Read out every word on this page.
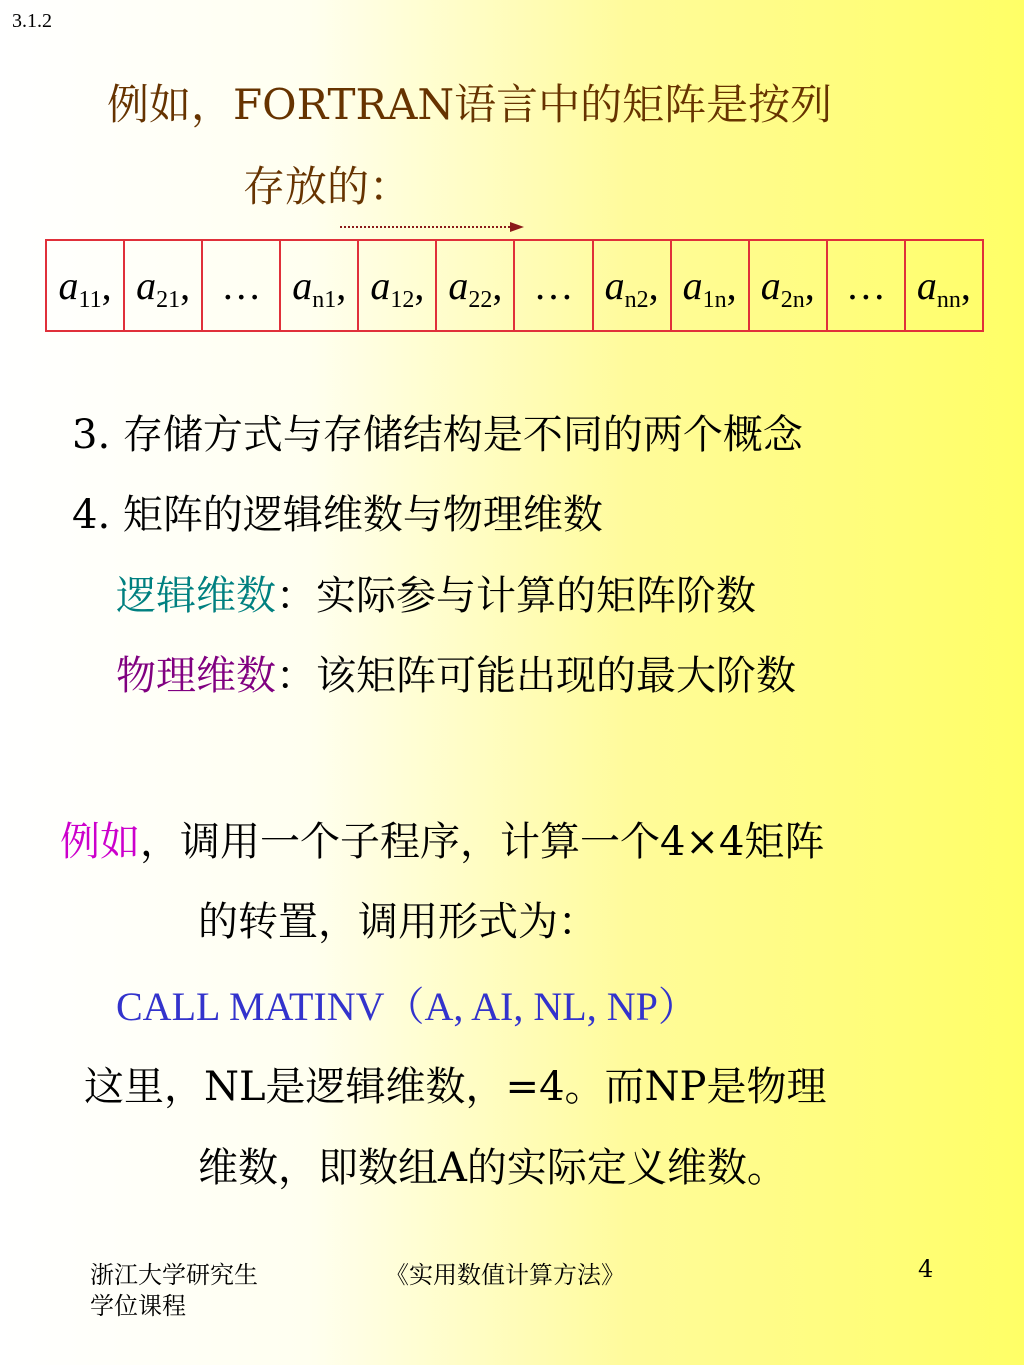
3.1.2
例如，FORTRAN语言中的矩阵是按列
存放的：
$a_{11}$,	$a_{21}$,	…	$a_{n1}$,	$a_{12}$,	$a_{22}$,	…	$a_{n2}$,	$a_{1n}$,	$a_{2n}$,	…	$a_{nn}$,
3. 存储方式与存储结构是不同的两个概念
4. 矩阵的逻辑维数与物理维数
逻辑维数：实际参与计算的矩阵阶数
物理维数：该矩阵可能出现的最大阶数
例如，调用一个子程序，计算一个4×4矩阵
的转置，调用形式为：
CALL MATINV（A, AI, NL, NP）
这里，NL是逻辑维数，=4。而NP是物理
维数，即数组A的实际定义维数。
浙江大学研究生
学位课程
《实用数值计算方法》	4
